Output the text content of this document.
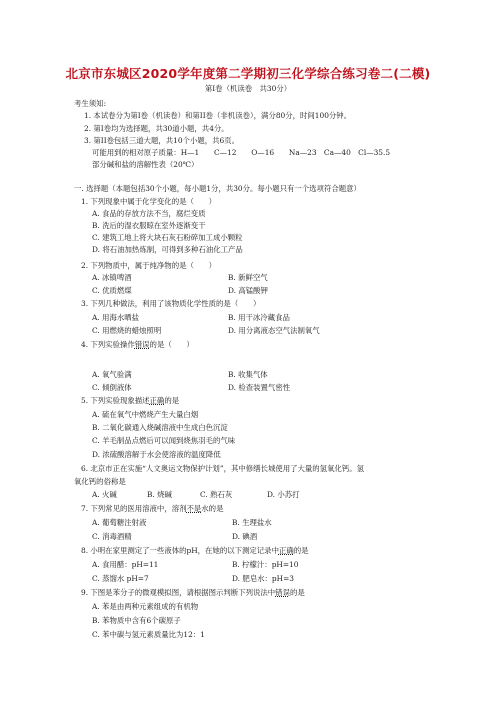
北京市东城区2020学年度第二学期初三化学综合练习卷二(二模)
第I卷（机读卷　共30分）
考生须知:
1. 本试卷分为第I卷（机读卷）和第II卷（非机读卷），满分80分，时间100分钟。
2. 第I卷均为选择题，共30道小题，共4分。
3. 第II卷包括三道大题，共10个小题，共6页。
可能用到的相对原子质量：H—1　　C—12　　O—16　　Na—23　Ca—40　Cl—35.5
部分碱和盐的溶解性表（20℃）
一. 选择题（本题包括30个小题，每小题1分，共30分。每小题只有一个选项符合题意）
1. 下列现象中属于化学变化的是（　　）
A. 食品的存放方法不当，腐烂变质
B. 洗后的湿衣服晾在室外逐渐变干
C. 建筑工地上将大块石灰石粉碎加工成小颗粒
D. 将石油加热炼制，可得到多种石油化工产品
2. 下列物质中，属于纯净物的是（　　）
A. 冰镇啤酒	B. 新鲜空气
C. 优质燃煤	D. 高锰酸钾
3. 下列几种做法，利用了该物质化学性质的是（　　）
A. 用海水晒盐	B. 用干冰冷藏食品
C. 用燃烧的蜡烛照明	D. 用分离液态空气法制氧气
4. 下列实验操作错误的是（　　）
A. 氧气验满	B. 收集气体
C. 倾倒液体	D. 检查装置气密性
5. 下列实验现象描述正确的是
A. 硫在氧气中燃烧产生大量白烟
B. 二氧化碳通入烧碱溶液中生成白色沉淀
C. 羊毛制品点燃后可以闻到烧焦羽毛的气味
D. 浓硫酸溶解于水会使溶液的温度降低
6. 北京市正在实施“人文奥运文物保护计划”，其中修缮长城使用了大量的氢氧化钙。氢
氧化钙的俗称是
A. 火碱	B. 烧碱	C. 熟石灰	D. 小苏打
7. 下列常见的医用溶液中，溶剂不是水的是
A. 葡萄糖注射液	B. 生理盐水
C. 消毒酒精	D. 碘酒
8. 小明在家里测定了一些液体的pH，在她的以下测定记录中正确的是
A. 食用醋：pH=11	B. 柠檬汁：pH=10
C. 蒸馏水 pH=7	D. 肥皂水：pH=3
9. 下图是苯分子的微观模拟图，请根据图示判断下列说法中错误的是
A. 苯是由两种元素组成的有机物
B. 苯物质中含有6个碳原子
C. 苯中碳与氢元素质量比为12：1
